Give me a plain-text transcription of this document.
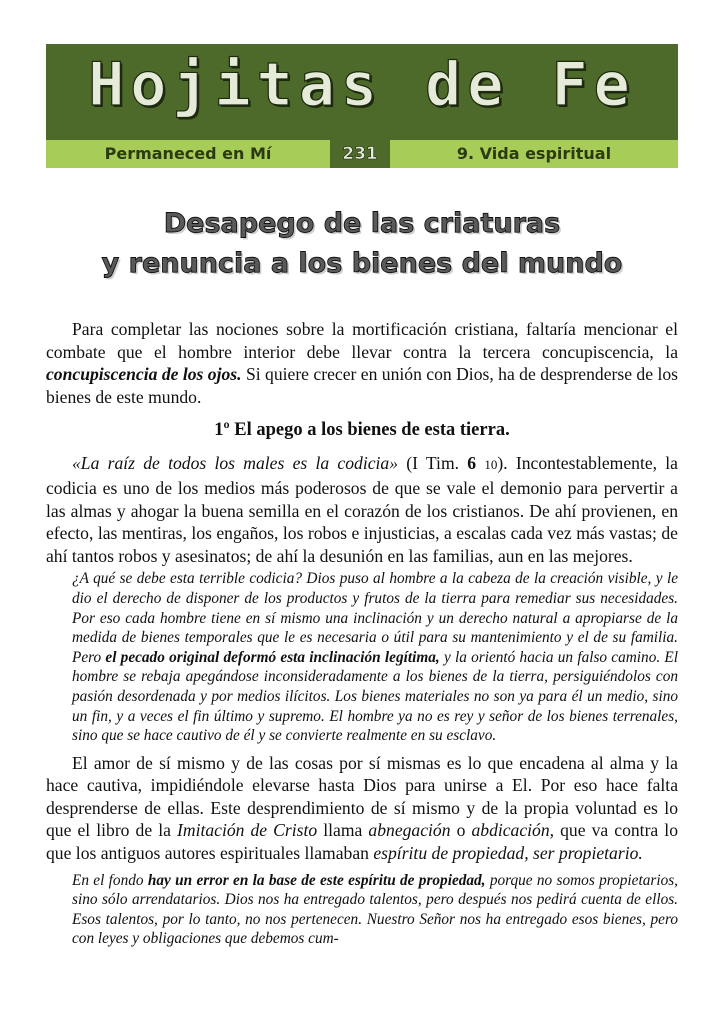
Hojitas de Fe
Permaneced en Mí	231	9. Vida espiritual
Desapego de las criaturas
y renuncia a los bienes del mundo

Para completar las nociones sobre la mortificación cristiana, faltaría mencionar el combate que el hombre interior debe llevar contra la tercera concupiscencia, la concupiscencia de los ojos. Si quiere crecer en unión con Dios, ha de desprenderse de los bienes de este mundo.

1º El apego a los bienes de esta tierra.

«La raíz de todos los males es la codicia» (I Tim. 6 10). Incontestablemente, la codicia es uno de los medios más poderosos de que se vale el demonio para pervertir a las almas y ahogar la buena semilla en el corazón de los cristianos. De ahí provienen, en efecto, las mentiras, los engaños, los robos e injusticias, a escalas cada vez más vastas; de ahí tantos robos y asesinatos; de ahí la desunión en las familias, aun en las mejores.

¿A qué se debe esta terrible codicia? Dios puso al hombre a la cabeza de la creación visible, y le dio el derecho de disponer de los productos y frutos de la tierra para remediar sus necesidades. Por eso cada hombre tiene en sí mismo una inclinación y un derecho natural a apropiarse de la medida de bienes temporales que le es necesaria o útil para su mantenimiento y el de su familia. Pero el pecado original deformó esta inclinación legítima, y la orientó hacia un falso camino. El hombre se rebaja apegándose inconsideradamente a los bienes de la tierra, persiguiéndolos con pasión desordenada y por medios ilícitos. Los bienes materiales no son ya para él un medio, sino un fin, y a veces el fin último y supremo. El hombre ya no es rey y señor de los bienes terrenales, sino que se hace cautivo de él y se convierte realmente en su esclavo.

El amor de sí mismo y de las cosas por sí mismas es lo que encadena al alma y la hace cautiva, impidiéndole elevarse hasta Dios para unirse a El. Por eso hace falta desprenderse de ellas. Este desprendimiento de sí mismo y de la propia voluntad es lo que el libro de la Imitación de Cristo llama abnegación o abdicación, que va contra lo que los antiguos autores espirituales llamaban espíritu de propiedad, ser propietario.

En el fondo hay un error en la base de este espíritu de propiedad, porque no somos propietarios, sino sólo arrendatarios. Dios nos ha entregado talentos, pero después nos pedirá cuenta de ellos. Esos talentos, por lo tanto, no nos pertenecen. Nuestro Señor nos ha entregado esos bienes, pero con leyes y obligaciones que debemos cum-
